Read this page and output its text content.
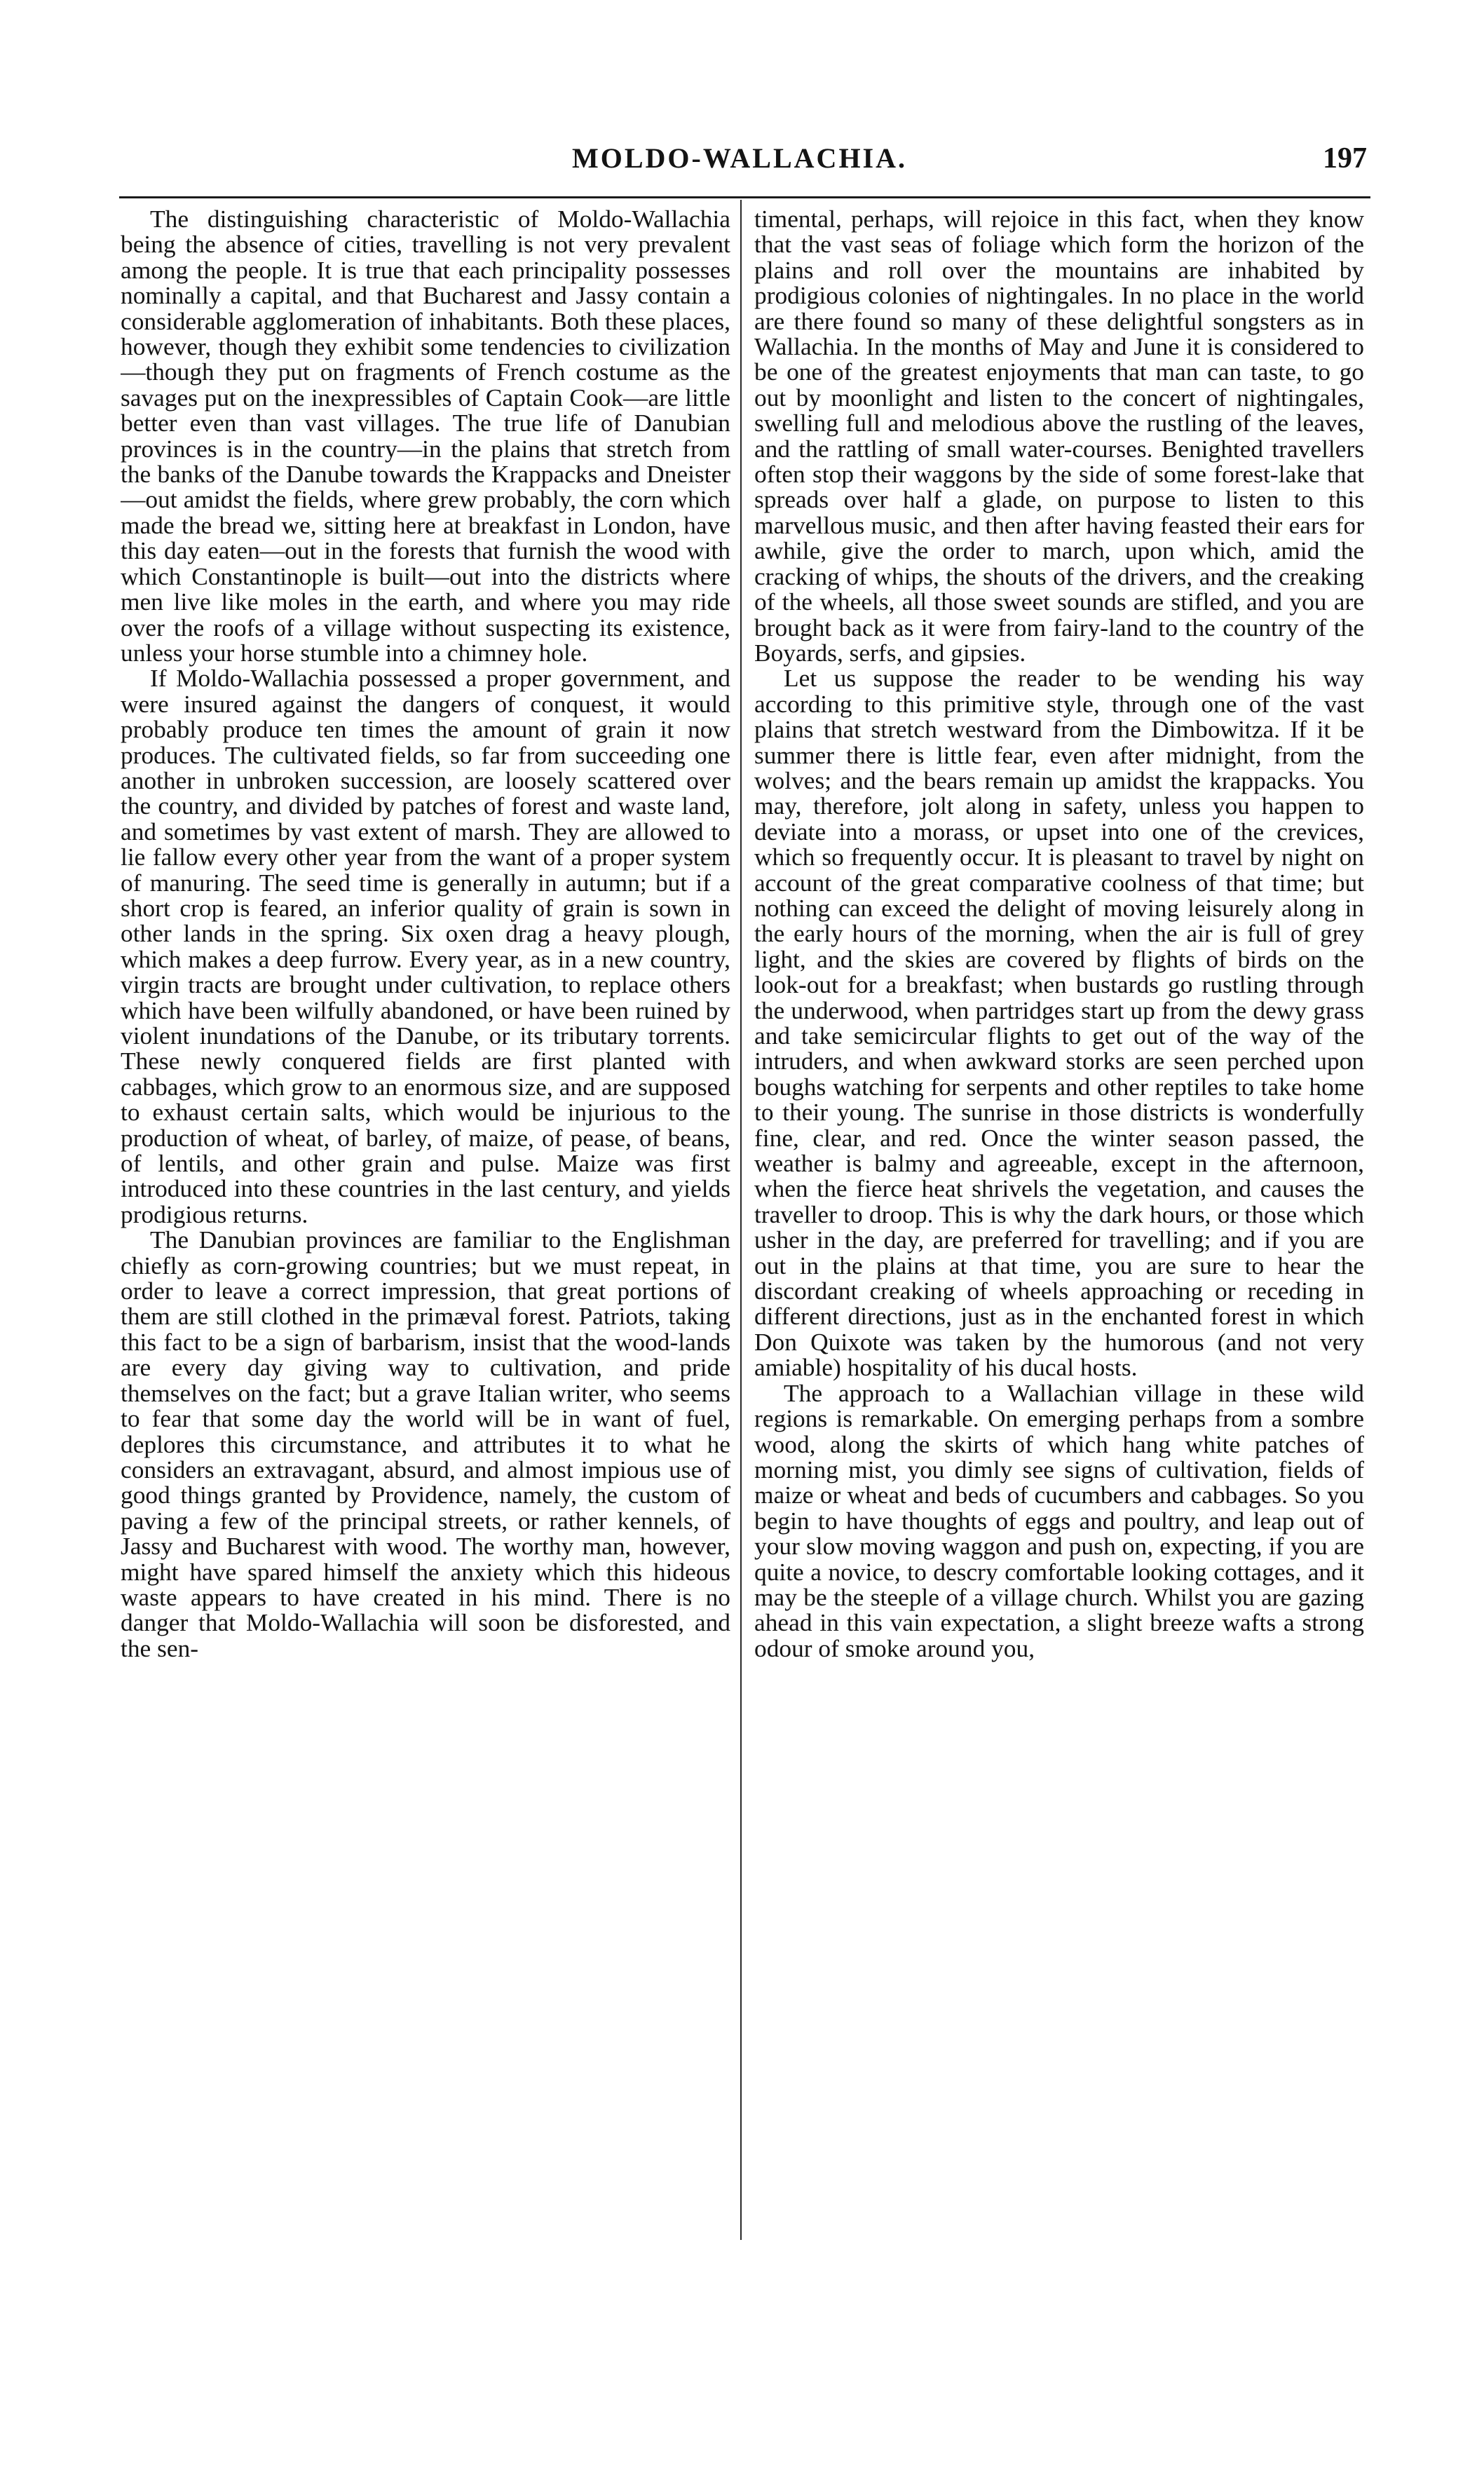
MOLDO-WALLACHIA.	197

The distinguishing characteristic of Moldo-Wallachia being the absence of cities, travelling is not very prevalent among the people. It is true that each principality possesses nominally a capital, and that Bucharest and Jassy contain a considerable agglomeration of inhabitants. Both these places, however, though they exhibit some tendencies to civilization—though they put on fragments of French costume as the savages put on the inexpressibles of Captain Cook—are little better even than vast villages. The true life of Danubian provinces is in the country—in the plains that stretch from the banks of the Danube towards the Krappacks and Dneister—out amidst the fields, where grew probably, the corn which made the bread we, sitting here at breakfast in London, have this day eaten—out in the forests that furnish the wood with which Constantinople is built—out into the districts where men live like moles in the earth, and where you may ride over the roofs of a village without suspecting its existence, unless your horse stumble into a chimney hole.

If Moldo-Wallachia possessed a proper government, and were insured against the dangers of conquest, it would probably produce ten times the amount of grain it now produces. The cultivated fields, so far from succeeding one another in unbroken succession, are loosely scattered over the country, and divided by patches of forest and waste land, and sometimes by vast extent of marsh. They are allowed to lie fallow every other year from the want of a proper system of manuring. The seed time is generally in autumn; but if a short crop is feared, an inferior quality of grain is sown in other lands in the spring. Six oxen drag a heavy plough, which makes a deep furrow. Every year, as in a new country, virgin tracts are brought under cultivation, to replace others which have been wilfully abandoned, or have been ruined by violent inundations of the Danube, or its tributary torrents. These newly conquered fields are first planted with cabbages, which grow to an enormous size, and are supposed to exhaust certain salts, which would be injurious to the production of wheat, of barley, of maize, of pease, of beans, of lentils, and other grain and pulse. Maize was first introduced into these countries in the last century, and yields prodigious returns.

The Danubian provinces are familiar to the Englishman chiefly as corn-growing countries; but we must repeat, in order to leave a correct impression, that great portions of them are still clothed in the primæval forest. Patriots, taking this fact to be a sign of barbarism, insist that the wood-lands are every day giving way to cultivation, and pride themselves on the fact; but a grave Italian writer, who seems to fear that some day the world will be in want of fuel, deplores this circumstance, and attributes it to what he considers an extravagant, absurd, and almost impious use of good things granted by Providence, namely, the custom of paving a few of the principal streets, or rather kennels, of Jassy and Bucharest with wood. The worthy man, however, might have spared himself the anxiety which this hideous waste appears to have created in his mind. There is no danger that Moldo-Wallachia will soon be disforested, and the sen-

timental, perhaps, will rejoice in this fact, when they know that the vast seas of foliage which form the horizon of the plains and roll over the mountains are inhabited by prodigious colonies of nightingales. In no place in the world are there found so many of these delightful songsters as in Wallachia. In the months of May and June it is considered to be one of the greatest enjoyments that man can taste, to go out by moonlight and listen to the concert of nightingales, swelling full and melodious above the rustling of the leaves, and the rattling of small water-courses. Benighted travellers often stop their waggons by the side of some forest-lake that spreads over half a glade, on purpose to listen to this marvellous music, and then after having feasted their ears for awhile, give the order to march, upon which, amid the cracking of whips, the shouts of the drivers, and the creaking of the wheels, all those sweet sounds are stifled, and you are brought back as it were from fairy-land to the country of the Boyards, serfs, and gipsies.

Let us suppose the reader to be wending his way according to this primitive style, through one of the vast plains that stretch westward from the Dimbowitza. If it be summer there is little fear, even after midnight, from the wolves; and the bears remain up amidst the krappacks. You may, therefore, jolt along in safety, unless you happen to deviate into a morass, or upset into one of the crevices, which so frequently occur. It is pleasant to travel by night on account of the great comparative coolness of that time; but nothing can exceed the delight of moving leisurely along in the early hours of the morning, when the air is full of grey light, and the skies are covered by flights of birds on the look-out for a breakfast; when bustards go rustling through the underwood, when partridges start up from the dewy grass and take semicircular flights to get out of the way of the intruders, and when awkward storks are seen perched upon boughs watching for serpents and other reptiles to take home to their young. The sunrise in those districts is wonderfully fine, clear, and red. Once the winter season passed, the weather is balmy and agreeable, except in the afternoon, when the fierce heat shrivels the vegetation, and causes the traveller to droop. This is why the dark hours, or those which usher in the day, are preferred for travelling; and if you are out in the plains at that time, you are sure to hear the discordant creaking of wheels approaching or receding in different directions, just as in the enchanted forest in which Don Quixote was taken by the humorous (and not very amiable) hospitality of his ducal hosts.

The approach to a Wallachian village in these wild regions is remarkable. On emerging perhaps from a sombre wood, along the skirts of which hang white patches of morning mist, you dimly see signs of cultivation, fields of maize or wheat and beds of cucumbers and cabbages. So you begin to have thoughts of eggs and poultry, and leap out of your slow moving waggon and push on, expecting, if you are quite a novice, to descry comfortable looking cottages, and it may be the steeple of a village church. Whilst you are gazing ahead in this vain expectation, a slight breeze wafts a strong odour of smoke around you,
